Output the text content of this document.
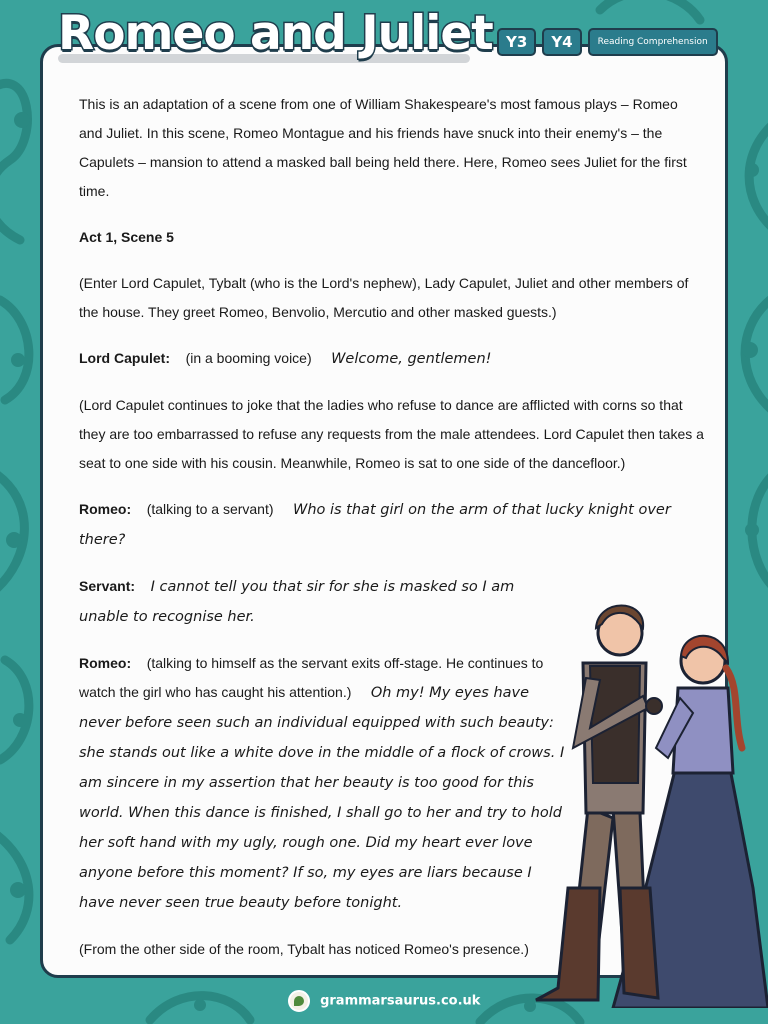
Romeo and Juliet Y3	Y4	Reading Comprehension

This is an adaptation of a scene from one of William Shakespeare's most famous plays – Romeo and Juliet. In this scene, Romeo Montague and his friends have snuck into their enemy's – the Capulets – mansion to attend a masked ball being held there. Here, Romeo sees Juliet for the first time.

Act 1, Scene 5

(Enter Lord Capulet, Tybalt (who is the Lord's nephew), Lady Capulet, Juliet and other members of the house. They greet Romeo, Benvolio, Mercutio and other masked guests.)

Lord Capulet: (in a booming voice) Welcome, gentlemen!

(Lord Capulet continues to joke that the ladies who refuse to dance are afflicted with corns so that they are too embarrassed to refuse any requests from the male attendees. Lord Capulet then takes a seat to one side with his cousin. Meanwhile, Romeo is sat to one side of the dancefloor.)

Romeo: (talking to a servant) Who is that girl on the arm of that lucky knight over there?

Servant: I cannot tell you that sir for she is masked so I am unable to recognise her.

Romeo: (talking to himself as the servant exits off-stage. He continues to watch the girl who has caught his attention.) Oh my! My eyes have never before seen such an individual equipped with such beauty: she stands out like a white dove in the middle of a flock of crows. I am sincere in my assertion that her beauty is too good for this world. When this dance is finished, I shall go to her and try to hold her soft hand with my ugly, rough one. Did my heart ever love anyone before this moment? If so, my eyes are liars because I have never seen true beauty before tonight.

(From the other side of the room, Tybalt has noticed Romeo's presence.)

grammarsaurus.co.uk
